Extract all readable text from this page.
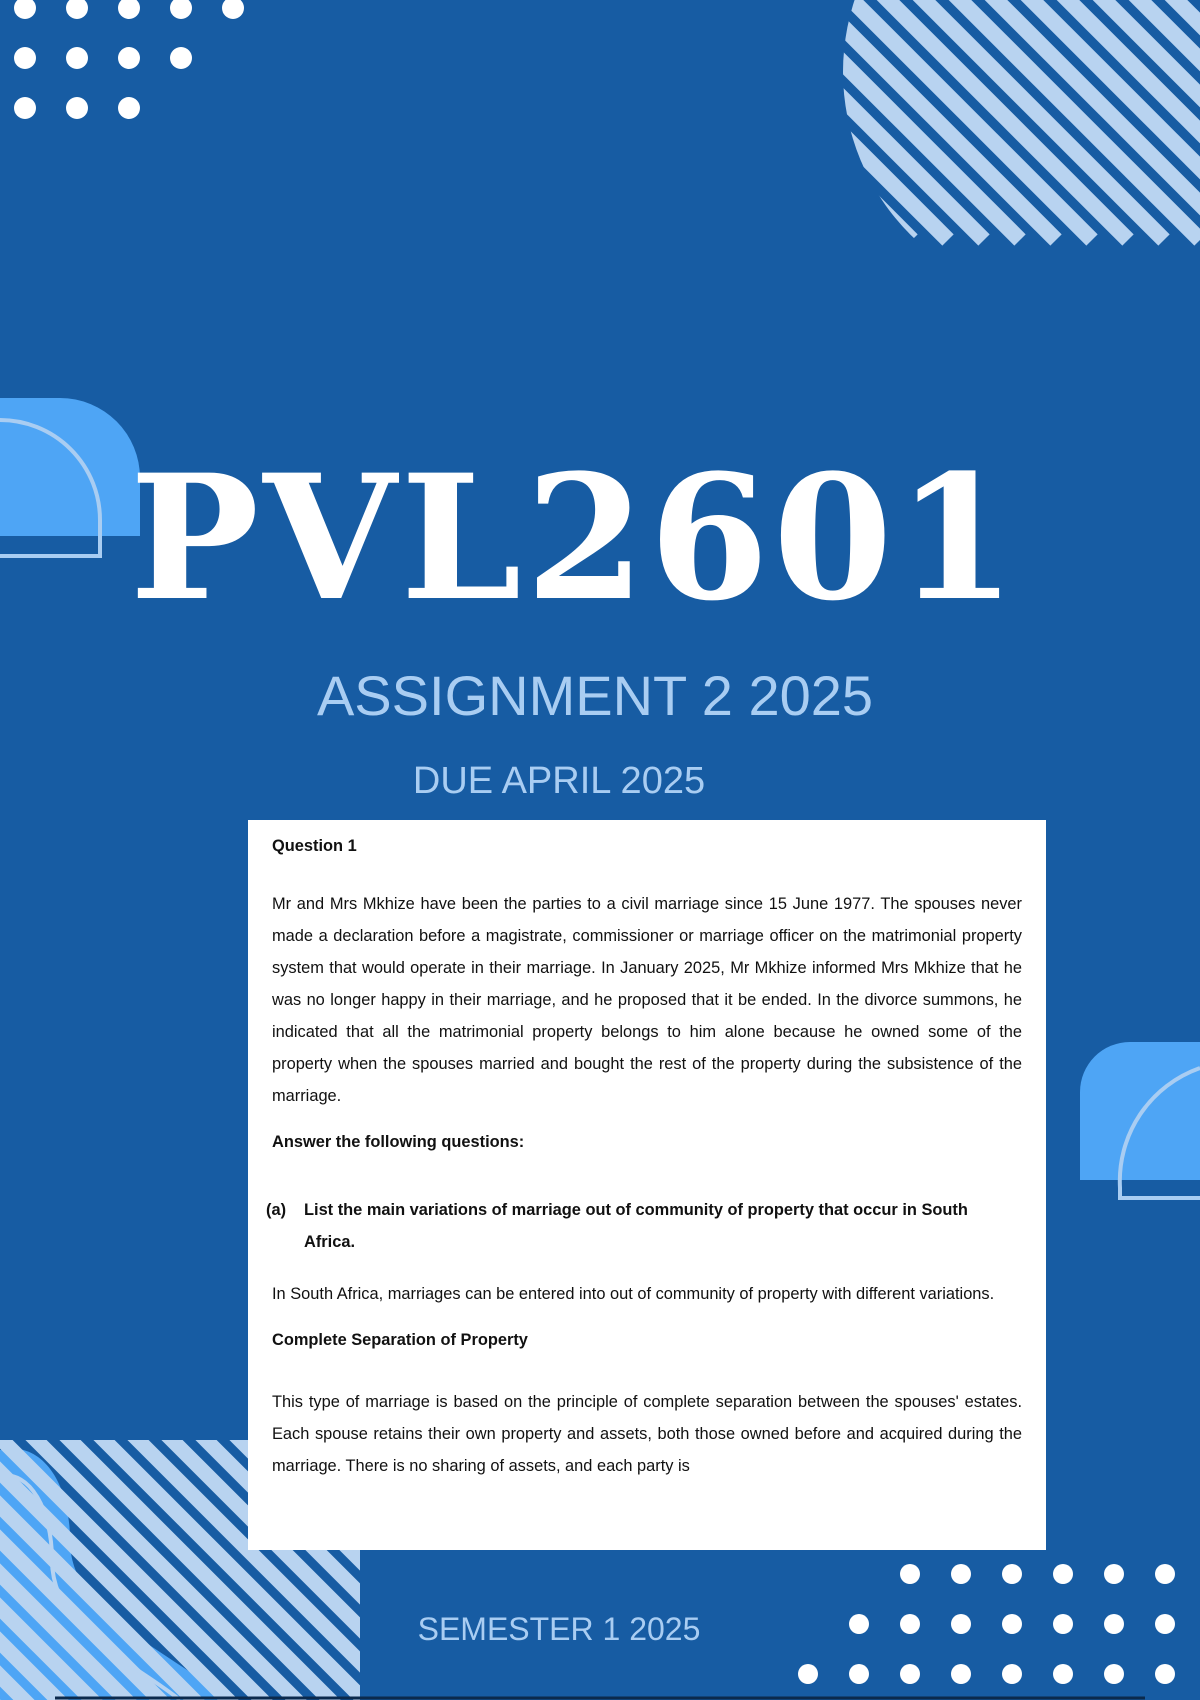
PVL2601
ASSIGNMENT 2 2025
DUE APRIL 2025

Question 1

Mr and Mrs Mkhize have been the parties to a civil marriage since 15 June 1977. The spouses never made a declaration before a magistrate, commissioner or marriage officer on the matrimonial property system that would operate in their marriage. In January 2025, Mr Mkhize informed Mrs Mkhize that he was no longer happy in their marriage, and he proposed that it be ended. In the divorce summons, he indicated that all the matrimonial property belongs to him alone because he owned some of the property when the spouses married and bought the rest of the property during the subsistence of the marriage.

Answer the following questions:

(a)	List the main variations of marriage out of community of property that occur in South Africa.

In South Africa, marriages can be entered into out of community of property with different variations.

Complete Separation of Property

This type of marriage is based on the principle of complete separation between the spouses' estates. Each spouse retains their own property and assets, both those owned before and acquired during the marriage. There is no sharing of assets, and each party is

SEMESTER 1 2025
